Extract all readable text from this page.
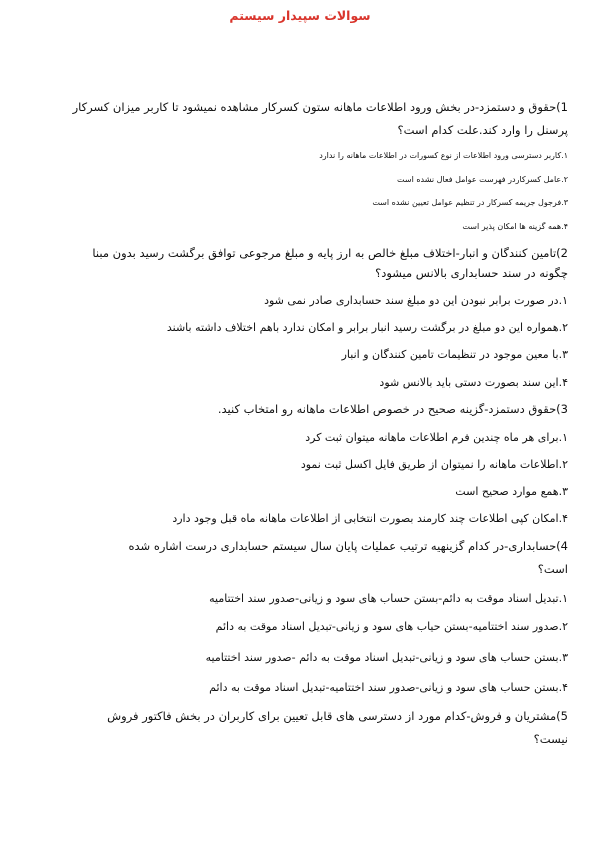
سوالات سپیدار سیستم
1)حقوق و دستمزد-در بخش ورود اطلاعات ماهانه ستون کسرکار مشاهده نمیشود تا کاربر میزان کسرکار
پرسنل را وارد کند.علت کدام است؟
۱.کاربر دسترسی ورود اطلاعات از نوع کسورات در اطلاعات ماهانه را ندارد
۲.عامل کسرکاردر فهرست عوامل فعال نشده است
۳.فرجول جریمه کسرکار در تنظیم عوامل تعیین نشده است
۴.همه گزینه ها امکان پذیر است
2)تامین کنندگان و انبار-اختلاف مبلغ خالص به ارز پایه و مبلغ مرجوعی توافق برگشت رسید بدون مبنا
چگونه در سند حسابداری بالانس میشود؟
۱.در صورت برابر نبودن این دو مبلغ سند حسابداری صادر نمی شود
۲.همواره این دو مبلغ در برگشت رسید انبار برابر و امکان ندارد باهم اختلاف داشته باشند
۳.با معین موجود در تنظیمات تامین کنندگان و انبار
۴.این سند بصورت دستی باید بالانس شود
3)حقوق دستمزد-گزینه صحیح در خصوص اطلاعات ماهانه رو امتخاب کنید.
۱.برای هر ماه چندین فرم اطلاعات ماهانه میتوان ثبت کرد
۲.اطلاعات ماهانه را نمیتوان از طریق فایل اکسل ثبت نمود
۳.همع موارد صحیح است
۴.امکان کپی اطلاعات چند کارمند بصورت انتخابی از اطلاعات ماهانه ماه قبل وجود دارد
4)حسابداری-در کدام گزینهیه ترتیب عملیات پایان سال سیستم حسابداری درست اشاره شده
است؟
۱.تبدیل اسناد موقت به دائم-بستن حساب های سود و زیانی-صدور سند اختتامیه
۲.صدور سند اختتامیه-بستن حیاب های سود و زیانی-تبدیل اسناد موقت به دائم
۳.بستن حساب های سود و زیانی-تبدیل اسناد موقت به دائم -صدور سند اختتامیه
۴.بستن حساب های سود و زیانی-صدور سند اختتامیه-تبدیل اسناد موقت به دائم
5)مشتریان و فروش-کدام مورد از دسترسی های قابل تعیین برای کاربران در بخش فاکتور فروش
نیست؟
